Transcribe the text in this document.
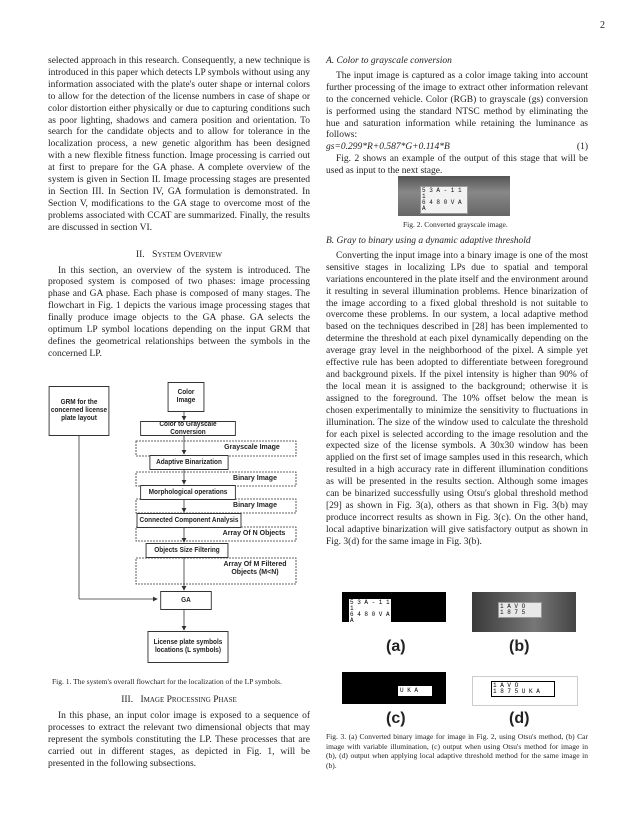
2

selected approach in this research. Consequently, a new technique is introduced in this paper which detects LP symbols without using any information associated with the plate's outer shape or internal colors to allow for the detection of the license numbers in case of shape or color distortion either physically or due to capturing conditions such as poor lighting, shadows and camera position and orientation. To search for the candidate objects and to allow for tolerance in the localization process, a new genetic algorithm has been designed with a new flexible fitness function. Image processing is carried out at first to prepare for the GA phase. A complete overview of the system is given in Section II. Image processing stages are presented in Section III. In Section IV, GA formulation is demonstrated. In Section V, modifications to the GA stage to overcome most of the problems associated with CCAT are summarized. Finally, the results are discussed in section VI.

II. System Overview

In this section, an overview of the system is introduced. The proposed system is composed of two phases: image processing phase and GA phase. Each phase is composed of many stages. The flowchart in Fig. 1 depicts the various image processing stages that finally produce image objects to the GA phase. GA selects the optimum LP symbol locations depending on the input GRM that defines the geometrical relationships between the symbols in the concerned LP.

GRM for the concerned license plate layout
Color Image
Color to Grayscale Conversion
Grayscale Image
Adaptive Binarization
Binary Image
Morphological operations
Binary Image
Connected Component Analysis
Array Of N Objects
Objects Size Filtering
Array Of M Filtered Objects (M<N)
GA
License plate symbols locations (L symbols)
Fig. 1. The system's overall flowchart for the localization of the LP symbols.

III. Image Processing Phase

In this phase, an input color image is exposed to a sequence of processes to extract the relevant two dimensional objects that may represent the symbols constituting the LP. These processes that are carried out in different stages, as depicted in Fig. 1, will be presented in the following subsections.

A. Color to grayscale conversion

The input image is captured as a color image taking into account further processing of the image to extract other information relevant to the concerned vehicle. Color (RGB) to grayscale (gs) conversion is performed using the standard NTSC method by eliminating the hue and saturation information while retaining the luminance as follows:

gs=0.299*R+0.587*G+0.114*B	(1)

Fig. 2 shows an example of the output of this stage that will be used as input to the next stage.

5 3 A - 1 1 1
6 4 8 0 V A A
Fig. 2. Converted grayscale image.

B. Gray to binary using a dynamic adaptive threshold

Converting the input image into a binary image is one of the most sensitive stages in localizing LPs due to spatial and temporal variations encountered in the plate itself and the environment around it resulting in several illumination problems. Hence binarization of the image according to a fixed global threshold is not suitable to overcome these problems. In our system, a local adaptive method based on the techniques described in [28] has been implemented to determine the threshold at each pixel dynamically depending on the average gray level in the neighborhood of the pixel. A simple yet effective rule has been adopted to differentiate between foreground and background pixels. If the pixel intensity is higher than 90% of the local mean it is assigned to the background; otherwise it is assigned to the foreground. The 10% offset below the mean is chosen experimentally to minimize the sensitivity to fluctuations in illumination. The size of the window used to calculate the threshold for each pixel is selected according to the image resolution and the expected size of the license symbols. A 30x30 window has been applied on the first set of image samples used in this research, which resulted in a high accuracy rate in different illumination conditions as will be presented in the results section. Although some images can be binarized successfully using Otsu's global threshold method [29] as shown in Fig. 3(a), others as that shown in Fig. 3(b) may produce incorrect results as shown in Fig. 3(c). On the other hand, local adaptive binarization will give satisfactory output as shown in Fig. 3(d) for the same image in Fig. 3(b).

5 3 A - 1 1 1
6 4 8 0 V A A
1 A V O
1 8 7 5
(a)	(b)
U K A
1 A V O
1 8 7 5 U K A
(c)	(d)
Fig. 3. (a) Converted binary image for image in Fig. 2, using Otsu's method, (b) Car image with variable illumination, (c) output when using Otsu's method for image in (b), (d) output when applying local adaptive threshold method for the same image in (b).
